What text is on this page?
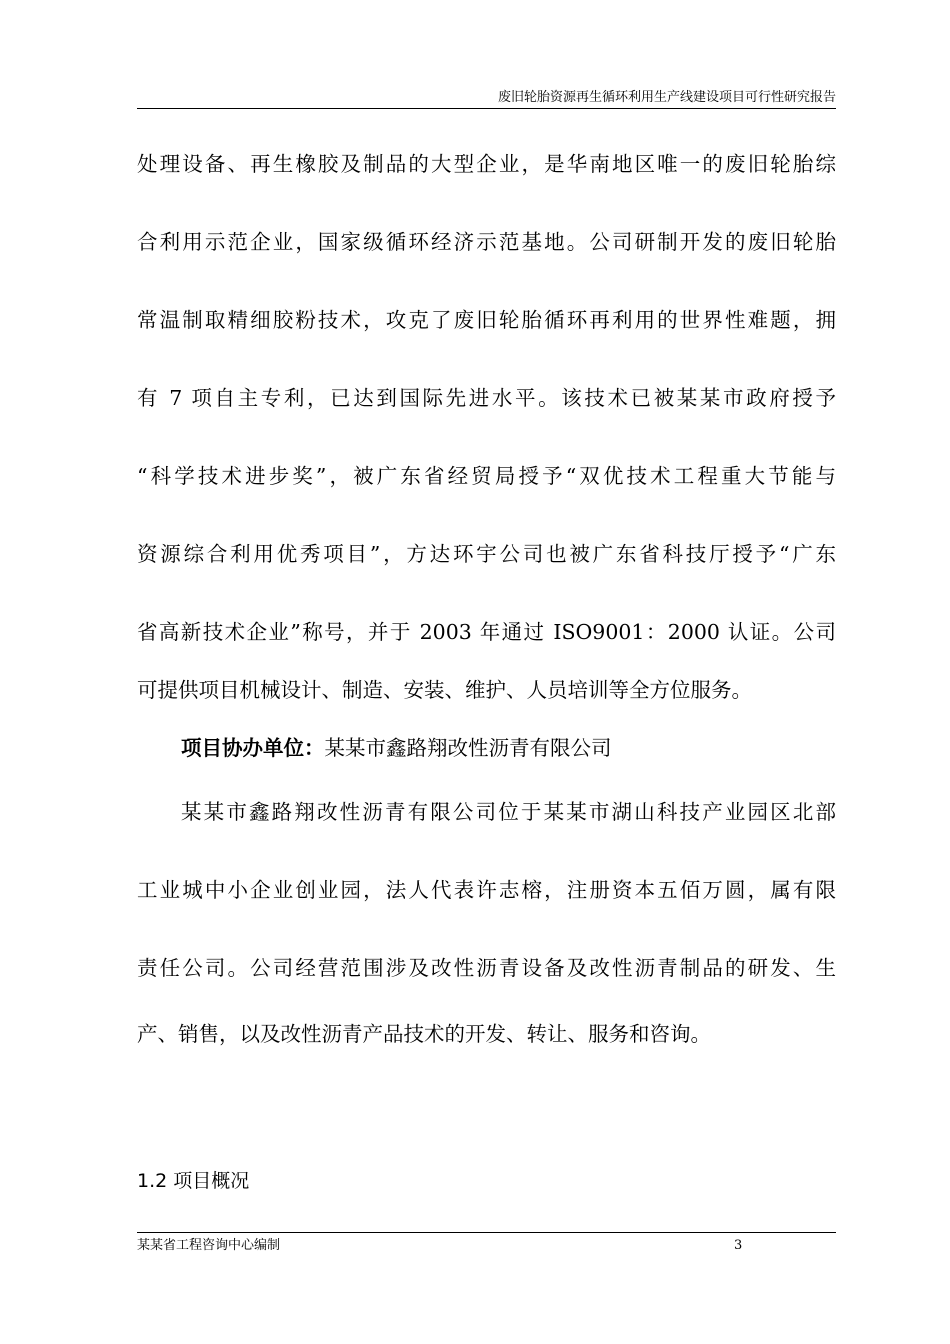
废旧轮胎资源再生循环利用生产线建设项目可行性研究报告
处理设备、再生橡胶及制品的大型企业，是华南地区唯一的废旧轮胎综
合利用示范企业，国家级循环经济示范基地。公司研制开发的废旧轮胎
常温制取精细胶粉技术，攻克了废旧轮胎循环再利用的世界性难题，拥
有 7 项自主专利，已达到国际先进水平。该技术已被某某市政府授予
“科学技术进步奖”，被广东省经贸局授予“双优技术工程重大节能与
资源综合利用优秀项目”，方达环宇公司也被广东省科技厅授予“广东
省高新技术企业”称号，并于 2003 年通过 ISO9001：2000 认证。公司
可提供项目机械设计、制造、安装、维护、人员培训等全方位服务。
项目协办单位：某某市鑫路翔改性沥青有限公司
某某市鑫路翔改性沥青有限公司位于某某市湖山科技产业园区北部
工业城中小企业创业园，法人代表许志榕，注册资本五佰万圆，属有限
责任公司。公司经营范围涉及改性沥青设备及改性沥青制品的研发、生
产、销售，以及改性沥青产品技术的开发、转让、服务和咨询。
1.2 项目概况
某某省工程咨询中心编制	3
